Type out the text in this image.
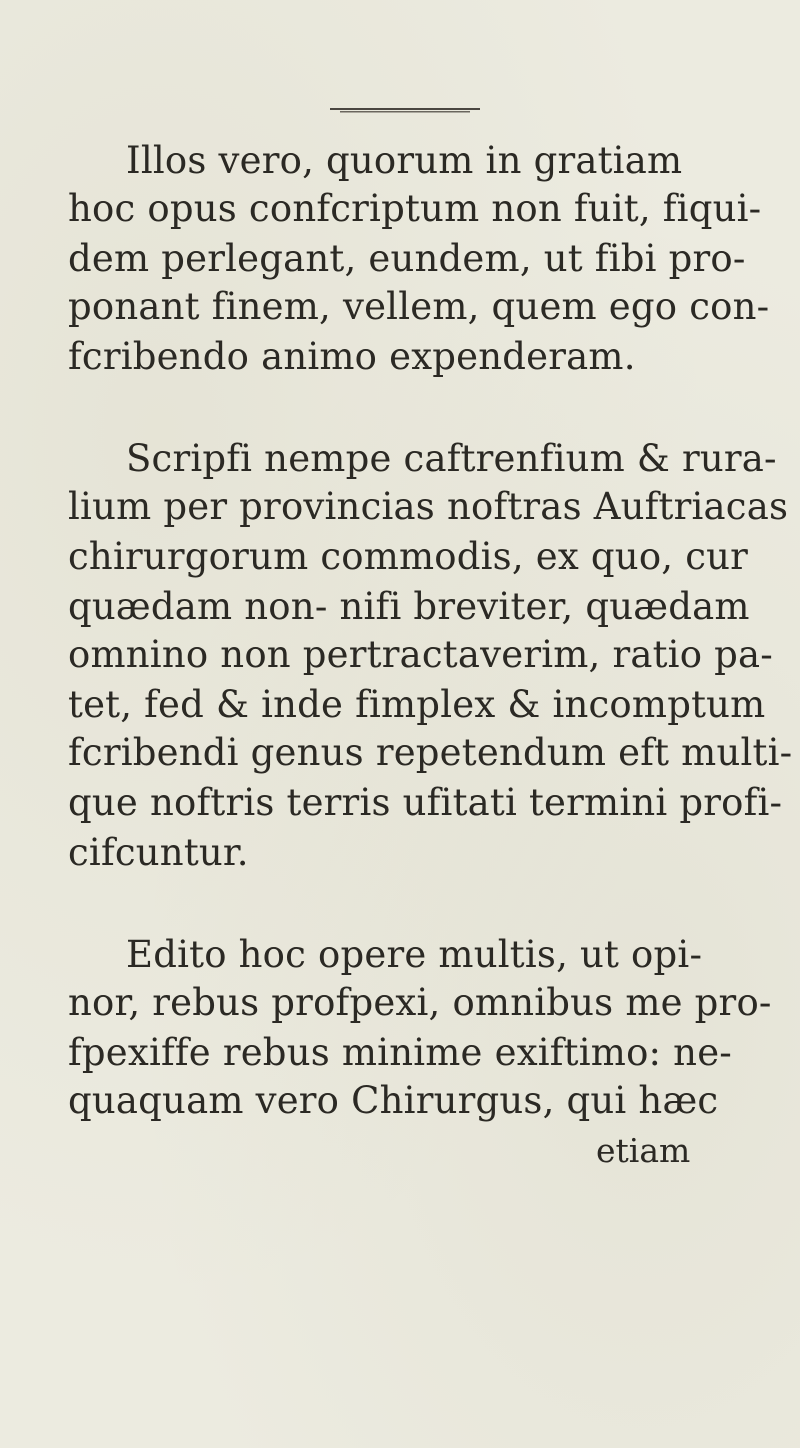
Illos vero, quorum in gratiam
hoc opus confcriptum non fuit, fiqui-
dem perlegant, eundem, ut fibi pro-
ponant finem, vellem, quem ego con-
fcribendo animo expenderam.
Scripfi nempe caftrenfium & rura-
lium per provincias noftras Auftriacas
chirurgorum commodis, ex quo, cur
quædam non- nifi breviter, quædam
omnino non pertractaverim, ratio pa-
tet, fed & inde fimplex & incomptum
fcribendi genus repetendum eft multi-
que noftris terris ufitati termini profi-
cifcuntur.
Edito hoc opere multis, ut opi-
nor, rebus profpexi, omnibus me pro-
fpexiffe rebus minime exiftimo: ne-
quaquam vero Chirurgus, qui hæc
etiam
